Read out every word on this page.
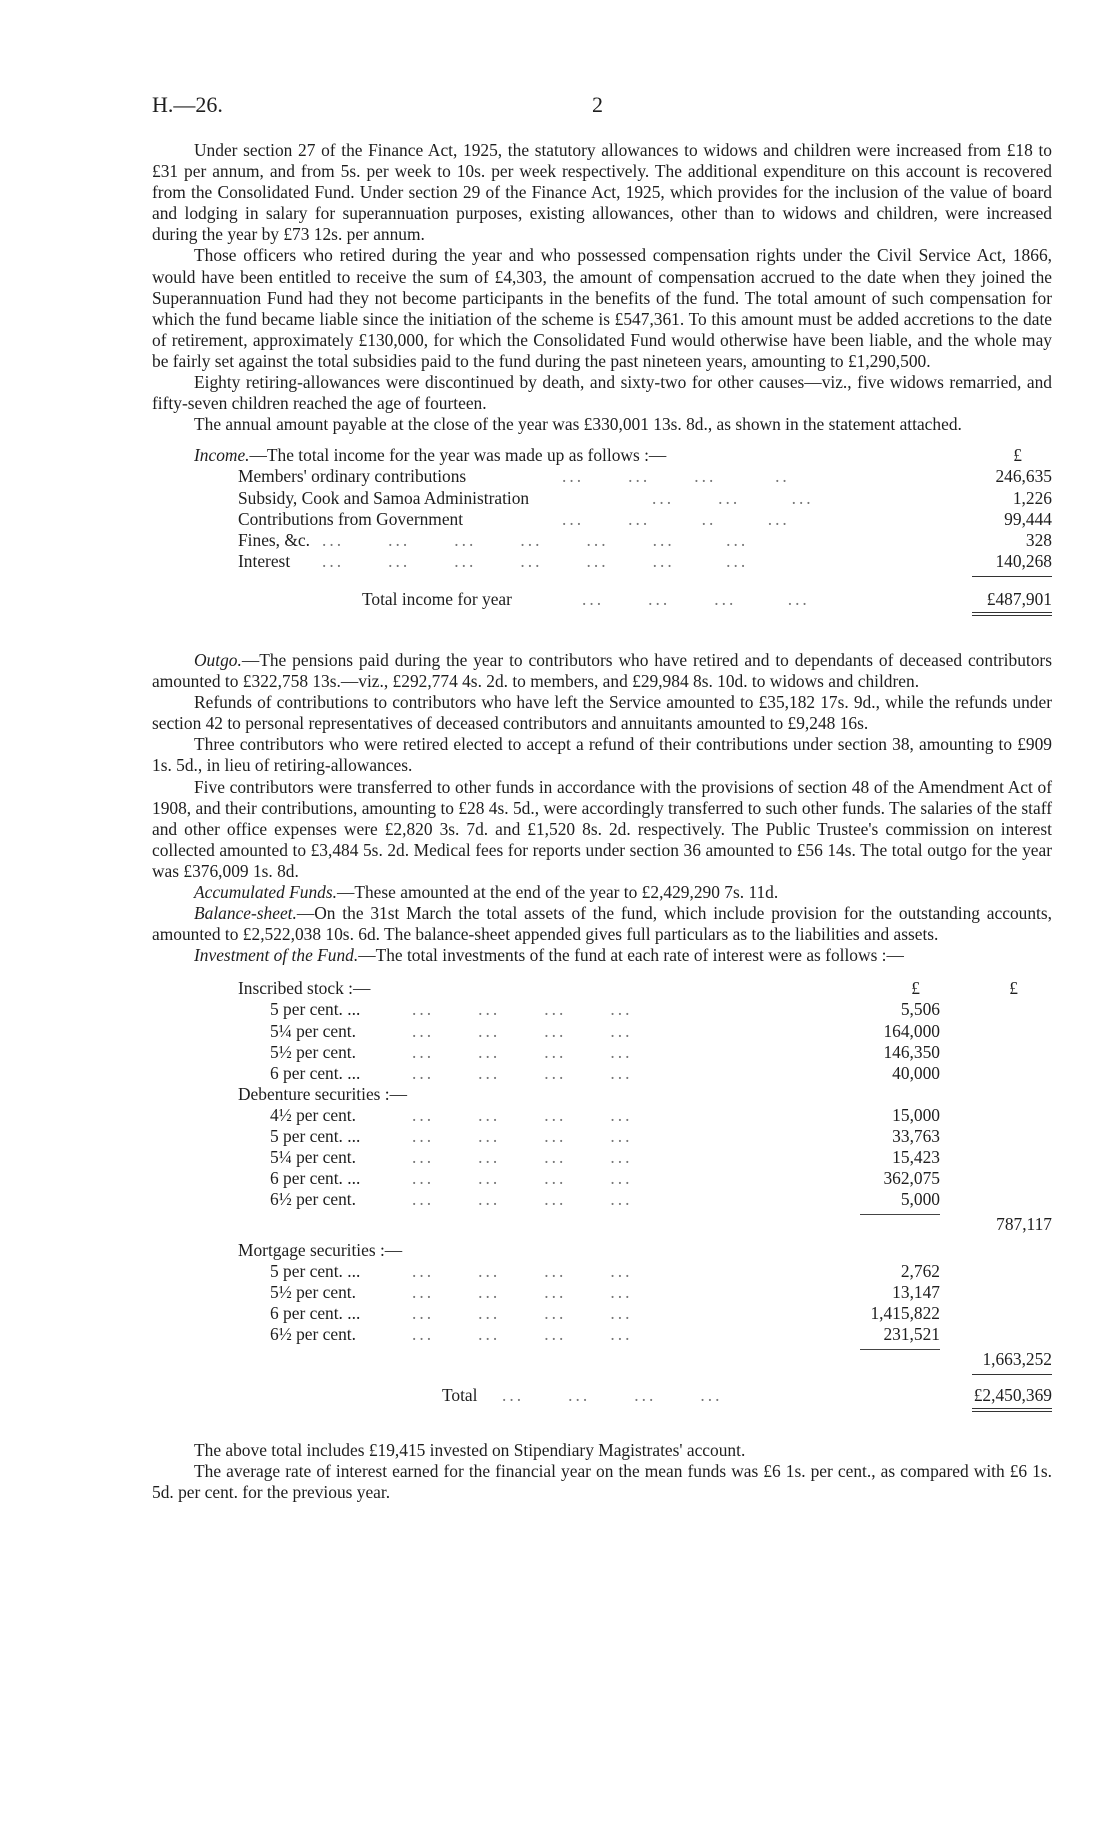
H.—26.	2

Under section 27 of the Finance Act, 1925, the statutory allowances to widows and children were increased from £18 to £31 per annum, and from 5s. per week to 10s. per week respectively. The additional expenditure on this account is recovered from the Consolidated Fund. Under section 29 of the Finance Act, 1925, which provides for the inclusion of the value of board and lodging in salary for superannuation purposes, existing allowances, other than to widows and children, were increased during the year by £73 12s. per annum.

Those officers who retired during the year and who possessed compensation rights under the Civil Service Act, 1866, would have been entitled to receive the sum of £4,303, the amount of compensation accrued to the date when they joined the Superannuation Fund had they not become participants in the benefits of the fund. The total amount of such compensation for which the fund became liable since the initiation of the scheme is £547,361. To this amount must be added accretions to the date of retirement, approximately £130,000, for which the Consolidated Fund would otherwise have been liable, and the whole may be fairly set against the total subsidies paid to the fund during the past nineteen years, amounting to £1,290,500.

Eighty retiring-allowances were discontinued by death, and sixty-two for other causes—viz., five widows remarried, and fifty-seven children reached the age of fourteen.

The annual amount payable at the close of the year was £330,001 13s. 8d., as shown in the statement attached.

Income.—The total income for the year was made up as follows :—	£
Members' ordinary contributions	...      ...      ...        ..	246,635
Subsidy, Cook and Samoa Administration	...      ...       ...	1,226
Contributions from Government	...      ...       ..       ...	99,444
Fines, &c. ...      ...      ...      ...      ...      ...       ...	328
Interest ...      ...      ...      ...      ...      ...       ...	140,268
Total income for year	...      ...      ...       ...	£487,901

Outgo.—The pensions paid during the year to contributors who have retired and to dependants of deceased contributors amounted to £322,758 13s.—viz., £292,774 4s. 2d. to members, and £29,984 8s. 10d. to widows and children.

Refunds of contributions to contributors who have left the Service amounted to £35,182 17s. 9d., while the refunds under section 42 to personal representatives of deceased contributors and annuitants amounted to £9,248 16s.

Three contributors who were retired elected to accept a refund of their contributions under section 38, amounting to £909 1s. 5d., in lieu of retiring-allowances.

Five contributors were transferred to other funds in accordance with the provisions of section 48 of the Amendment Act of 1908, and their contributions, amounting to £28 4s. 5d., were accordingly transferred to such other funds. The salaries of the staff and other office expenses were £2,820 3s. 7d. and £1,520 8s. 2d. respectively. The Public Trustee's commission on interest collected amounted to £3,484 5s. 2d. Medical fees for reports under section 36 amounted to £56 14s. The total outgo for the year was £376,009 1s. 8d.

Accumulated Funds.—These amounted at the end of the year to £2,429,290 7s. 11d.

Balance-sheet.—On the 31st March the total assets of the fund, which include provision for the outstanding accounts, amounted to £2,522,038 10s. 6d. The balance-sheet appended gives full particulars as to the liabilities and assets.

Investment of the Fund.—The total investments of the fund at each rate of interest were as follows :—

Inscribed stock :—	£	£
5 per cent. ...	...      ...      ...      ...	5,506
5¼ per cent.	...      ...      ...      ...	164,000
5½ per cent.	...      ...      ...      ...	146,350
6 per cent. ...	...      ...      ...      ...	40,000
Debenture securities :—
4½ per cent.	...      ...      ...      ...	15,000
5 per cent. ...	...      ...      ...      ...	33,763
5¼ per cent.	...      ...      ...      ...	15,423
6 per cent. ...	...      ...      ...      ...	362,075
6½ per cent.	...      ...      ...      ...	5,000
787,117
Mortgage securities :—
5 per cent. ...	...      ...      ...      ...	2,762
5½ per cent.	...      ...      ...      ...	13,147
6 per cent. ...	...      ...      ...      ...	1,415,822
6½ per cent.	...      ...      ...      ...	231,521
1,663,252
Total ...      ...      ...      ...	£2,450,369

The above total includes £19,415 invested on Stipendiary Magistrates' account.

The average rate of interest earned for the financial year on the mean funds was £6 1s. per cent., as compared with £6 1s. 5d. per cent. for the previous year.
